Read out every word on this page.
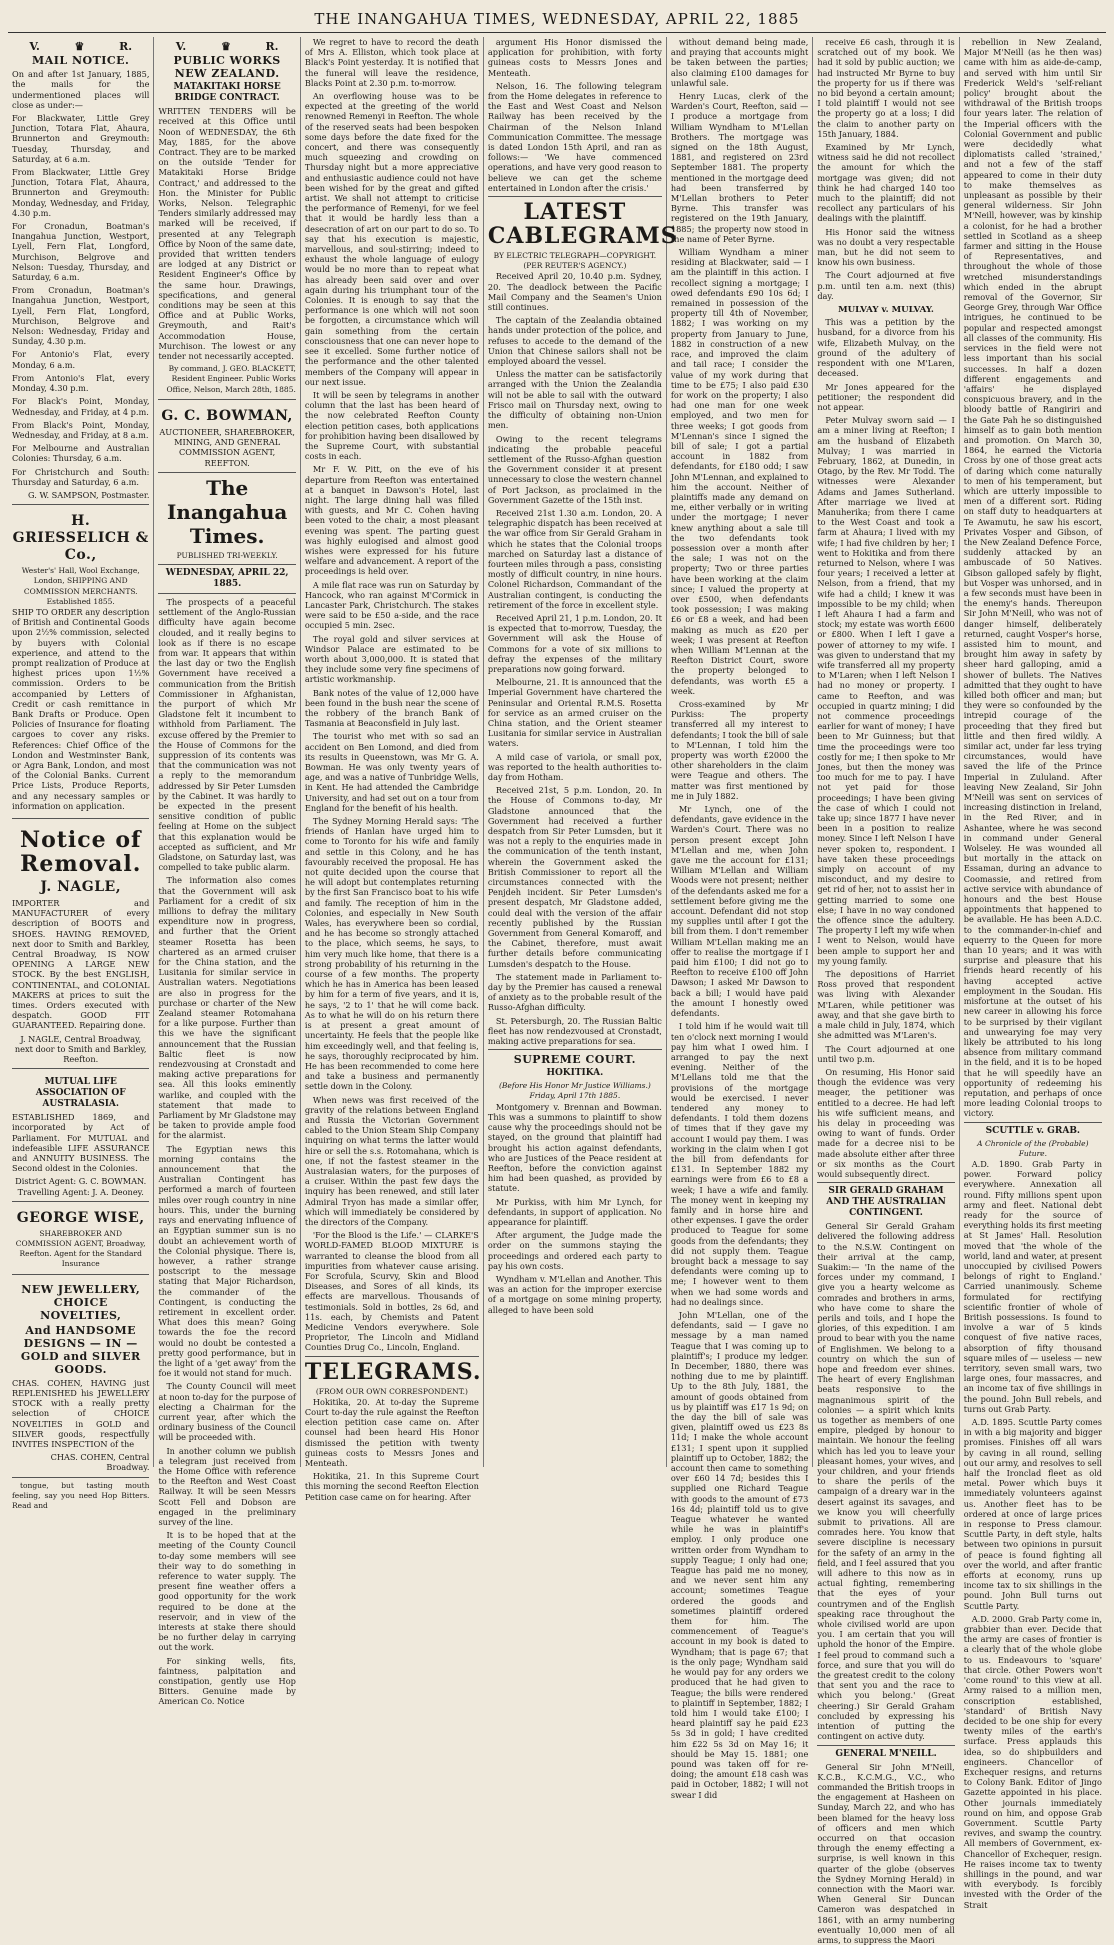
THE INANGAHUA TIMES, WEDNESDAY, APRIL 22, 1885
V.	♛	R.
MAIL NOTICE.

On and after 1st January, 1885, the mails for the undermentioned places will close as under:—

For Blackwater, Little Grey Junction, Totara Flat, Ahaura, Brunnerton and Greymouth: Tuesday, Thursday, and Saturday, at 6 a.m.

From Blackwater, Little Grey Junction, Totara Flat, Ahaura, Brunnerton and Greymouth: Monday, Wednesday, and Friday, 4.30 p.m.

For Cronadun, Boatman's Inangahua Junction, Westport, Lyell, Fern Flat, Longford, Murchison, Belgrove and Nelson: Tuesday, Thursday, and Saturday, 6 a.m.

From Cronadun, Boatman's Inangahua Junction, Westport, Lyell, Fern Flat, Longford, Murchison, Belgrove and Nelson: Wednesday, Friday and Sunday, 4.30 p.m.

For Antonio's Flat, every Monday, 6 a.m.

From Antonio's Flat, every Monday, 4.30 p.m.

For Black's Point, Monday, Wednesday, and Friday, at 4 p.m.

From Black's Point, Monday, Wednesday, and Friday, at 8 a.m.

For Melbourne and Australian Colonies: Thursday, 6 a.m.

For Christchurch and South: Thursday and Saturday, 6 a.m.

G. W. SAMPSON, Postmaster.
H. GRIESSELICH & Co.,
Wester's' Hall, Wool Exchange, London, SHIPPING AND COMMISSION MERCHANTS. Established 1855.

SHIP TO ORDER any description of British and Continental Goods upon 2½% commission, selected by buyers with Colonial experience, and attend to the prompt realization of Produce at highest prices upon 1½% commission. Orders to be accompanied by Letters of Credit or cash remittance in Bank Drafts or Produce. Open Policies of Insurance for floating cargoes to cover any risks. References: Chief Office of the London and Westminster Bank, or Agra Bank, London, and most of the Colonial Banks. Current Price Lists, Produce Reports, and any necessary samples or information on application.

Notice of Removal.
J. NAGLE,

IMPORTER and MANUFACTURER of every description of BOOTS and SHOES. HAVING REMOVED, next door to Smith and Barkley, Central Broadway, IS NOW OPENING A LARGE NEW STOCK. By the best ENGLISH, CONTINENTAL, and COLONIAL MAKERS at prices to suit the times. Orders executed with despatch. GOOD FIT GUARANTEED. Repairing done.

J. NAGLE, Central Broadway, next door to Smith and Barkley, Reefton.
MUTUAL LIFE ASSOCIATION OF AUSTRALASIA.

ESTABLISHED 1869, and incorporated by Act of Parliament. For MUTUAL and indefeasible LIFE ASSURANCE and ANNUITY BUSINESS. The Second oldest in the Colonies.

District Agent: G. C. BOWMAN. Travelling Agent: J. A. Deoney.
GEORGE WISE,
SHAREBROKER AND COMMISSION AGENT, Broadway, Reefton. Agent for the Standard Insurance
NEW JEWELLERY, CHOICE NOVELTIES,
And HANDSOME DESIGNS — IN — GOLD and SILVER GOODS.

CHAS. COHEN, HAVING just REPLENISHED his JEWELLERY STOCK with a really pretty selection of CHOICE NOVELTIES in GOLD and SILVER goods, respectfully INVITES INSPECTION of the

CHAS. COHEN, Central Broadway.

tongue, but tasting mouth feeling, say you need Hop Bitters. Read and

V.	♛	R.
PUBLIC WORKS NEW ZEALAND.
MATAKITAKI HORSE BRIDGE CONTRACT.

WRITTEN TENDERS will be received at this Office until Noon of WEDNESDAY, the 6th May, 1885, for the above Contract. They are to be marked on the outside 'Tender for Matakitaki Horse Bridge Contract,' and addressed to the Hon. the Minister for Public Works, Nelson. Telegraphic Tenders similarly addressed may marked will be received, if presented at any Telegraph Office by Noon of the same date, provided that written tenders are lodged at any District or Resident Engineer's Office by the same hour. Drawings, specifications, and general conditions may be seen at this Office and at Public Works, Greymouth, and Rait's Accommodation House, Murchison. The lowest or any tender not necessarily accepted.

By command, J. GEO. BLACKETT, Resident Engineer. Public Works Office, Nelson, March 28th, 1885.
G. C. BOWMAN,
AUCTIONEER, SHAREBROKER, MINING, AND GENERAL COMMISSION AGENT, REEFTON.
The Inangahua Times.
PUBLISHED TRI-WEEKLY.
WEDNESDAY, APRIL 22, 1885.

The prospects of a peaceful settlement of the Anglo-Russian difficulty have again become clouded, and it really begins to look as if there is no escape from war. It appears that within the last day or two the English Government have received a communication from the British Commissioner in Afghanistan, the purport of which Mr Gladstone felt it incumbent to withhold from Parliament. The excuse offered by the Premier to the House of Commons for the suppression of its contents was that the communication was not a reply to the memorandum addressed by Sir Peter Lumsden by the Cabinet. It was hardly to be expected in the present sensitive condition of public feeling at Home on the subject that this explanation would be accepted as sufficient, and Mr Gladstone, on Saturday last, was compelled to take public alarm.

The information also comes that the Government will ask Parliament for a credit of six millions to defray the military expenditure now in progress, and further that the Orient steamer Rosetta has been chartered as an armed cruiser for the China station, and the Lusitania for similar service in Australian waters. Negotiations are also in progress for the purchase or charter of the New Zealand steamer Rotomahana for a like purpose. Further than this we have the significant announcement that the Russian Baltic fleet is now rendezvousing at Cronstadt and making active preparations for sea. All this looks eminently warlike, and coupled with the statement that made to Parliament by Mr Gladstone may be taken to provide ample food for the alarmist.

The Egyptian news this morning contains the announcement that the Australian Contingent has performed a march of fourteen miles over rough country in nine hours. This, under the burning rays and enervating influence of an Egyptian summer sun is no doubt an achievement worth of the Colonial physique. There is, however, a rather strange postscript to the message stating that Major Richardson, the commander of the Contingent, is conducting the retirement in excellent order. What does this mean? Going towards the foe the record would no doubt be contested a pretty good performance, but in the light of a 'get away' from the foe it would not stand for much.

The County Council will meet at noon to-day for the purpose of electing a Chairman for the current year, after which the ordinary business of the Council will be proceeded with.

In another column we publish a telegram just received from the Home Office with reference to the Reefton and West Coast Railway. It will be seen Messrs Scott Fell and Dobson are engaged in the preliminary survey of the line.

It is to be hoped that at the meeting of the County Council to-day some members will see their way to do something in reference to water supply. The present fine weather offers a good opportunity for the work required to be done at the reservoir, and in view of the interests at stake there should be no further delay in carrying out the work.

For sinking wells, fits, faintness, palpitation and constipation, gently use Hop Bitters. Genuine made by American Co. Notice

We regret to have to record the death of Mrs A. Elliston, which took place at Black's Point yesterday. It is notified that the funeral will leave the residence, Blacks Point at 2.30 p.m. to-morrow.

An overflowing house was to be expected at the greeting of the world renowned Remenyi in Reefton. The whole of the reserved seats had been bespoken some days before the date fixed for the concert, and there was consequently much squeezing and crowding on Thursday night but a more appreciative and enthusiastic audience could not have been wished for by the great and gifted artist. We shall not attempt to criticise the performance of Remenyi, for we feel that it would be hardly less than a desecration of art on our part to do so. To say that his execution is majestic, marvellous, and soul-stirring; indeed to exhaust the whole language of eulogy would be no more than to repeat what has already been said over and over again during his triumphant tour of the Colonies. It is enough to say that the performance is one which will not soon be forgotten, a circumstance which will gain something from the certain consciousness that one can never hope to see it excelled. Some further notice of the performance and the other talented members of the Company will appear in our next issue.

It will be seen by telegrams in another column that the last has been heard of the now celebrated Reefton County election petition cases, both applications for prohibition having been disallowed by the Supreme Court, with substantial costs in each.

Mr F. W. Pitt, on the eve of his departure from Reefton was entertained at a banquet in Dawson's Hotel, last night. The large dining hall was filled with guests, and Mr C. Cohen having been voted to the chair, a most pleasant evening was spent. The parting guest was highly eulogised and almost good wishes were expressed for his future welfare and advancement. A report of the proceedings is held over.

A mile flat race was run on Saturday by Hancock, who ran against M'Cormick in Lancaster Park, Christchurch. The stakes were said to be £50 a-side, and the race occupied 5 min. 2sec.

The royal gold and silver services at Windsor Palace are estimated to be worth about 3,000,000. It is stated that they include some very fine specimens of artistic workmanship.

Bank notes of the value of 12,000 have been found in the bush near the scene of the robbery of the branch Bank of Tasmania at Beaconsfield in July last.

The tourist who met with so sad an accident on Ben Lomond, and died from its results in Queenstown, was Mr G. A. Bowman. He was only twenty years of age, and was a native of Tunbridge Wells, in Kent. He had attended the Cambridge University, and had set out on a tour from England for the benefit of his health.

The Sydney Morning Herald says: 'The friends of Hanlan have urged him to come to Toronto for his wife and family and settle in this Colony, and he has favourably received the proposal. He has not quite decided upon the course that he will adopt but contemplates returning by the first San Francisco boat to his wife and family. The reception of him in the Colonies, and especially in New South Wales, has everywhere been so cordial, and he has become so strongly attached to the place, which seems, he says, to him very much like home, that there is a strong probability of his returning in the course of a few months. The property which he has in America has been leased by him for a term of five years, and it is, he says, '2 to 1' that he will come back. As to what he will do on his return there is at present a great amount of uncertainty. He feels that the people like him exceedingly well, and that feeling is, he says, thoroughly reciprocated by him. He has been recommended to come here and take a business and permanently settle down in the Colony.

When news was first received of the gravity of the relations between England and Russia the Victorian Government cabled to the Union Steam Ship Company inquiring on what terms the latter would hire or sell the s.s. Rotomahana, which is one, if not the fastest steamer in the Australasian waters, for the purposes of a cruiser. Within the past few days the inquiry has been renewed, and still later Admiral Tryon has made a similar offer, which will immediately be considered by the directors of the Company.

'For the Blood is the Life.' — CLARKE'S WORLD-FAMED BLOOD MIXTURE is warranted to cleanse the blood from all impurities from whatever cause arising. For Scrofula, Scurvy, Skin and Blood Diseases, and Sores of all kinds, its effects are marvellous. Thousands of testimonials. Sold in bottles, 2s 6d, and 11s. each, by Chemists and Patent Medicine Vendors everywhere. Sole Proprietor, The Lincoln and Midland Counties Drug Co., Lincoln, England.

TELEGRAMS.
(FROM OUR OWN CORRESPONDENT.)

Hokitika, 20. At to-day the Supreme Court to-day the rule against the Reefton election petition case came on. After counsel had been heard His Honor dismissed the petition with twenty guineas costs to Messrs Jones and Menteath.

Hokitika, 21. In this Supreme Court this morning the second Reefton Election Petition case came on for hearing. After

argument His Honor dismissed the application for prohibition, with forty guineas costs to Messrs Jones and Menteath.

Nelson, 16. The following telegram from the Home delegates in reference to the East and West Coast and Nelson Railway has been received by the Chairman of the Nelson Inland Communication Committee. The message is dated London 15th April, and ran as follows:— 'We have commenced operations, and have very good reason to believe we can get the scheme entertained in London after the crisis.'

LATEST CABLEGRAMS
BY ELECTRIC TELEGRAPH—COPYRIGHT. (PER REUTER'S AGENCY.)

Received April 20, 10.40 p.m. Sydney, 20. The deadlock between the Pacific Mail Company and the Seamen's Union still continues.

The captain of the Zealandia obtained hands under protection of the police, and refuses to accede to the demand of the Union that Chinese sailors shall not be employed aboard the vessel.

Unless the matter can be satisfactorily arranged with the Union the Zealandia will not be able to sail with the outward Frisco mail on Thursday next, owing to the difficulty of obtaining non-Union men.

Owing to the recent telegrams indicating the probable peaceful settlement of the Russo-Afghan question the Government consider it at present unnecessary to close the western channel of Port Jackson, as proclaimed in the Government Gazette of the 15th inst.

Received 21st 1.30 a.m. London, 20. A telegraphic dispatch has been received at the war office from Sir Gerald Graham in which he states that the Colonial troops marched on Saturday last a distance of fourteen miles through a pass, consisting mostly of difficult country, in nine hours. Colonel Richardson, Commandant of the Australian contingent, is conducting the retirement of the force in excellent style.

Received April 21, 1 p.m. London, 20. It is expected that to-morrow, Tuesday, the Government will ask the House of Commons for a vote of six millions to defray the expenses of the military preparations now going forward.

Melbourne, 21. It is announced that the Imperial Government have chartered the Peninsular and Oriental R.M.S. Rosetta for service as an armed cruiser on the China station, and the Orient steamer Lusitania for similar service in Australian waters.

A mild case of variola, or small pox, was reported to the health authorities to-day from Hotham.

Received 21st, 5 p.m. London, 20. In the House of Commons to-day, Mr Gladstone announced that the Government had received a further despatch from Sir Peter Lumsden, but it was not a reply to the enquiries made in the communication of the tenth instant, wherein the Government asked the British Commissioner to report all the circumstances connected with the Penjdeh incident. Sir Peter Lumsden's present despatch, Mr Gladstone added, could deal with the version of the affair recently published by the Russian Government from General Komaroff, and the Cabinet, therefore, must await further details before communicating Lumsden's despatch to the House.

The statement made in Parliament to-day by the Premier has caused a renewal of anxiety as to the probable result of the Russo-Afghan difficulty.

St. Petersburgh, 20. The Russian Baltic fleet has now rendezvoused at Cronstadt, making active preparations for sea.

SUPREME COURT.
HOKITIKA.
(Before His Honor Mr Justice Williams.)
Friday, April 17th 1885.

Montgomery v. Brennan and Bowman. This was a summons to plaintiff to show cause why the proceedings should not be stayed, on the ground that plaintiff had brought his action against defendants, who are Justices of the Peace resident at Reefton, before the conviction against him had been quashed, as provided by statute.

Mr Purkiss, with him Mr Lynch, for defendants, in support of application. No appearance for plaintiff.

After argument, the Judge made the order on the summons staying the proceedings and ordered each party to pay his own costs.

Wyndham v. M'Lellan and Another. This was an action for the improper exercise of a mortgage on some mining property, alleged to have been sold

without demand being made, and praying that accounts might be taken between the parties; also claiming £100 damages for unlawful sale.

Henry Lucas, clerk of the Warden's Court, Reefton, said — I produce a mortgage from William Wyndham to M'Lellan Brothers. The mortgage was signed on the 18th August, 1881, and registered on 23rd September 1881. The property mentioned in the mortgage deed had been transferred by M'Lellan brothers to Peter Byrne. This transfer was registered on the 19th January, 1885; the property now stood in the name of Peter Byrne.

William Wyndham a miner residing at Blackwater, said — I am the plaintiff in this action. I recollect signing a mortgage; I owed defendants £90 10s 6d; I remained in possession of the property till 4th of November, 1882; I was working on my property from January to June, 1882 in construction of a new race, and improved the claim and tail race; I consider the value of my work during that time to be £75; I also paid £30 for work on the property; I also had one man for one week employed, and two men for three weeks; I got goods from M'Lennan's since I signed the bill of sale; I got a partial account in 1882 from defendants, for £180 odd; I saw John M'Lennan, and explained to him the account. Neither of plaintiffs made any demand on me, either verbally or in writing under the mortgage; I never knew anything about a sale till the two defendants took possession over a month after the sale; I was not on the property; Two or three parties have been working at the claim since; I valued the property at over £500, when defendants took possession; I was making £6 or £8 a week, and had been making as much as £20 per week; I was present at Reefton when William M'Lennan at the Reefton District Court, swore the property belonged to defendants, was worth £5 a week.

Cross-examined by Mr Purkiss: The property transferred all my interest to defendants; I took the bill of sale to M'Lennan, I told him the property was worth £2000 the other shareholders in the claim were Teague and others. The matter was first mentioned by me in July 1882.

Mr Lynch, one of the defendants, gave evidence in the Warden's Court. There was no person present except John M'Lellan and me, when John gave me the account for £131; William M'Lellan and William Woods were not present; neither of the defendants asked me for a settlement before giving me the account. Defendant did not stop my supplies until after I got the bill from them. I don't remember William M'Lellan making me an offer to realise the mortgage if I paid him £100; I did not go to Reefton to receive £100 off John Dawson; I asked Mr Dawson to back a bill; I would have paid the amount I honestly owed defendants.

I told him if he would wait till ten o'clock next morning I would pay him what I owed him. I arranged to pay the next evening. Neither of the M'Lellans told me that the provisions of the mortgage would be exercised. I never tendered any money to defendants. I told them dozens of times that if they gave my account I would pay them. I was working in the claim when I got the bill from defendants for £131. In September 1882 my earnings were from £6 to £8 a week; I have a wife and family. The money went in keeping my family and in horse hire and other expenses. I gave the order produced to Teague for some goods from the defendants; they did not supply them. Teague brought back a message to say defendants were coming up to me; I however went to them when we had some words and had no dealings since.

John M'Lellan, one of the defendants, said — I gave no message by a man named Teague that I was coming up to plaintiff's; I produce my ledger. In December, 1880, there was nothing due to me by plaintiff. Up to the 8th July, 1881, the amount of goods obtained from us by plaintiff was £17 1s 9d; on the day the bill of sale was given, plaintiff owed us £23 8s 11d; I make the whole account £131; I spent upon it supplied plaintiff up to October, 1882; the account then came to something over £60 14 7d; besides this I supplied one Richard Teague with goods to the amount of £73 16s 4d; plaintiff told us to give Teague whatever he wanted while he was in plaintiff's employ. I only produce one written order from Wyndham to supply Teague; I only had one; Teague has paid me no money, and we never sent him any account; sometimes Teague ordered the goods and sometimes plaintiff ordered them for him. The commencement of Teague's account in my book is dated to Wyndham; that is page 67; that is the only page; Wyndham said he would pay for any orders we produced that he had given to Teague; the bills were rendered to plaintiff in September, 1882; I told him I would take £100; I heard plaintiff say he paid £23 5s 3d in gold; I have credited him £22 5s 3d on May 16; it should be May 15. 1881; one pound was taken off for re-doing; the amount £18 cash was paid in October, 1882; I will not swear I did

receive £6 cash, through it is scratched out of my book. We had it sold by public auction; we had instructed Mr Byrne to buy the property for us if there was no bid beyond a certain amount; I told plaintiff I would not see the property go at a loss; I did the claim to another party on 15th January, 1884.

Examined by Mr Lynch, witness said he did not recollect the amount for which the mortgage was given; did not think he had charged 140 too much to the plaintiff; did not recollect any particulars of his dealings with the plaintiff.

His Honor said the witness was no doubt a very respectable man, but he did not seem to know his own business.

The Court adjourned at five p.m. until ten a.m. next (this) day.

MULVAY v. MULVAY.

This was a petition by the husband, for a divorce from his wife, Elizabeth Mulvay, on the ground of the adultery of respondent with one M'Laren, deceased.

Mr Jones appeared for the petitioner; the respondent did not appear.

Peter Mulvay sworn said — I am a miner living at Reefton; I am the husband of Elizabeth Mulvay; I was married in February, 1862, at Dunedin, in Otago, by the Rev. Mr Todd. The witnesses were Alexander Adams and James Sutherland. After marriage we lived at Manuherika; from there I came to the West Coast and took a farm at Ahaura; I lived with my wife; I had five children by her; I went to Hokitika and from there returned to Nelson, where I was four years; I received a letter at Nelson, from a friend, that my wife had a child; I knew it was impossible to be my child; when I left Ahaura I had a farm and stock; my estate was worth £600 or £800. When I left I gave a power of attorney to my wife. I was given to understand that my wife transferred all my property to M'Laren; when I left Nelson I had no money or property. I came to Reefton, and was occupied in quartz mining; I did not commence proceedings earlier for want of money; I have been to Mr Guinness; but that time the proceedings were too costly for me; I then spoke to Mr Jones, but then the money was too much for me to pay. I have not yet paid for those proceedings; I have been giving the case of which I could not take up; since 1877 I have never been in a position to realize money. Since I left Nelson I have never spoken to, respondent. I have taken these proceedings simply on account of my misconduct, and my desire to get rid of her, not to assist her in getting married to some one else; I have in no way condoned the offence since the adultery. The property I left my wife when I went to Nelson, would have been ample to support her and my young family.

The depositions of Harriet Ross proved that respondent was living with Alexander M'Laren, while petitioner was away, and that she gave birth to a male child in July, 1874, which she admitted was M'Laren's.

The Court adjourned at one until two p.m.

On resuming, His Honor said though the evidence was very meager, the petitioner was entitled to a decree. He had left his wife sufficient means, and his delay in proceeding was owing to want of funds. Order made for a decree nisi to be made absolute either after three or six months as the Court would subsequently direct.

SIR GERALD GRAHAM AND THE AUSTRALIAN CONTINGENT.

General Sir Gerald Graham delivered the following address to the N.S.W. Contingent on their arrival at the camp, Suakim:— 'In the name of the forces under my command, I give you a hearty welcome as comrades and brothers in arms, who have come to share the perils and toils, and I hope the glories, of this expedition. I am proud to bear with you the name of Englishmen. We belong to a country on which the sun of hope and freedom ever shines. The heart of every Englishman beats responsive to the magnanimous spirit of the colonies — a spirit which knits us together as members of one empire, pledged by honour to maintain. We honour the feeling which has led you to leave your pleasant homes, your wives, and your children, and your friends to share the perils of the campaign of a dreary war in the desert against its savages, and we know you will cheerfully submit to privations. All are comrades here. You know that severe discipline is necessary for the safety of an army in the field, and I feel assured that you will adhere to this now as in actual fighting, remembering that the eyes of your countrymen and of the English speaking race throughout the whole civilised world are upon you. I am certain that you will uphold the honor of the Empire. I feel proud to command such a force, and sure that you will do the greatest credit to the colony that sent you and the race to which you belong.' (Great cheering.) Sir Gerald Graham concluded by expressing his intention of putting the contingent on active duty.

GENERAL M'NEILL.

General Sir John M'Neill, K.C.B., K.C.M.G., V.C., who commanded the British troops in the engagement at Hasheen on Sunday, March 22, and who has been blamed for the heavy loss of officers and men which occurred on that occasion through the enemy effecting a surprise, is well known in this quarter of the globe (observes the Sydney Morning Herald) in connection with the Maori war. When General Sir Duncan Cameron was despatched in 1861, with an army numbering eventually 10,000 men of all arms, to suppress the Maori

rebellion in New Zealand, Major M'Neill (as he then was) came with him as aide-de-camp, and served with him until Sir Frederick Weld's 'self-reliant policy' brought about the withdrawal of the British troops four years later. The relation of the Imperial officers with the Colonial Government and public were decidedly what diplomatists called 'strained,' and not a few of the staff appeared to come in their duty to make themselves as unpleasant as possible by their general wilderness. Sir John M'Neill, however, was by kinship a colonist, for he had a brother settled in Scotland as a sheep farmer and sitting in the House of Representatives, and throughout the whole of those wretched misunderstandings which ended in the abrupt removal of the Governor, Sir George Grey, through War Office intrigues, he continued to be popular and respected amongst all classes of the community. His services in the field were not less important than his social successes. In half a dozen different engagements and 'affairs' he displayed conspicuous bravery, and in the bloody battle of Rangiriri and the Gate Pah he so distinguished himself as to gain both mention and promotion. On March 30, 1864, he earned the Victoria Cross by one of those great acts of daring which come naturally to men of his temperament, but which are utterly impossible to men of a different sort. Riding on staff duty to headquarters at Te Awamutu, he saw his escort, Privates Vosper and Gibson, of the New Zealand Defence Force, suddenly attacked by an ambuscade of 50 Natives. Gibson galloped safely by flight, but Vosper was unhorsed, and in a few seconds must have been in the enemy's hands. Thereupon Sir John M'Neill, who was not of danger himself, deliberately returned, caught Vosper's horse, assisted him to mount, and brought him away in safety by sheer hard galloping, amid a shower of bullets. The Natives admitted that they ought to have killed both officer and man; but they were so confounded by the intrepid courage of the proceeding that they fired but little and then fired wildly. A similar act, under far less trying circumstances, would have saved the life of the Prince Imperial in Zululand. After leaving New Zealand, Sir John M'Neill was sent on services of increasing distinction in Ireland, in the Red River, and in Ashantee, where he was second in command under General Wolseley. He was wounded all but mortally in the attack on Essaman, during an advance to Coomassie, and retired from active service with abundance of honours and the best House appointments that happened to be available. He has been A.D.C. to the commander-in-chief and equerry to the Queen for more than 10 years; and it was with surprise and pleasure that his friends heard recently of his having accepted active employment in the Soudan. His misfortune at the outset of his new career in allowing his force to be surprised by their vigilant and unwearying foe may very likely be attributed to his long absence from military command in the field, and it is to be hoped that he will speedily have an opportunity of redeeming his reputation, and perhaps of once more leading Colonial troops to victory.

SCUTTLE v. GRAB.
A Chronicle of the (Probable) Future.

A.D. 1890. Grab Party in power. Forward policy everywhere. Annexation all round. Fifty millions spent upon army and fleet. National debt ready for the source of everything holds its first meeting at St James' Hall. Resolution moved that 'the whole of the world, land and water, at present unoccupied by civilised Powers belongs of right to England.' Carried unanimously. Scheme formulated for rectifying scientific frontier of whole of British possessions. Is found to involve a war of 5 kinds conquest of five native races, absorption of fifty thousand square miles of — useless — new territory, seven small wars, two large ones, four massacres, and an income tax of five shillings in the pound. John Bull rebels, and turns out Grab Party.

A.D. 1895. Scuttle Party comes in with a big majority and bigger promises. Finishes off all wars by caving in all round, selling out our army, and resolves to sell half the Ironclad fleet as old metal. Power which buys it immediately volunteers against us. Another fleet has to be ordered at once of large prices in response to Press clamour. Scuttle Party, in deft style, halts between two opinions in pursuit of peace is found fighting all over the world, and after frantic efforts at economy, runs up income tax to six shillings in the pound. John Bull turns out Scuttle Party.

A.D. 2000. Grab Party come in, grabbier than ever. Decide that the army are cases of frontier is a clearly that of the whole globe to us. Endeavours to 'square' that circle. Other Powers won't 'come round' to this view at all. Army raised to a million men, conscription established, 'standard' of British Navy decided to be one ship for every twenty miles of the earth's surface. Press applauds this idea, so do shipbuilders and engineers. Chancellor of Exchequer resigns, and returns to Colony Bank. Editor of Jingo Gazette appointed in his place. Other journals immediately round on him, and oppose Grab Government. Scuttle Party revives, and swamp the country. All members of Government, ex-Chancellor of Exchequer, resign. He raises income tax to twenty shillings in the pound, and war with everybody. Is forcibly invested with the Order of the Strait
